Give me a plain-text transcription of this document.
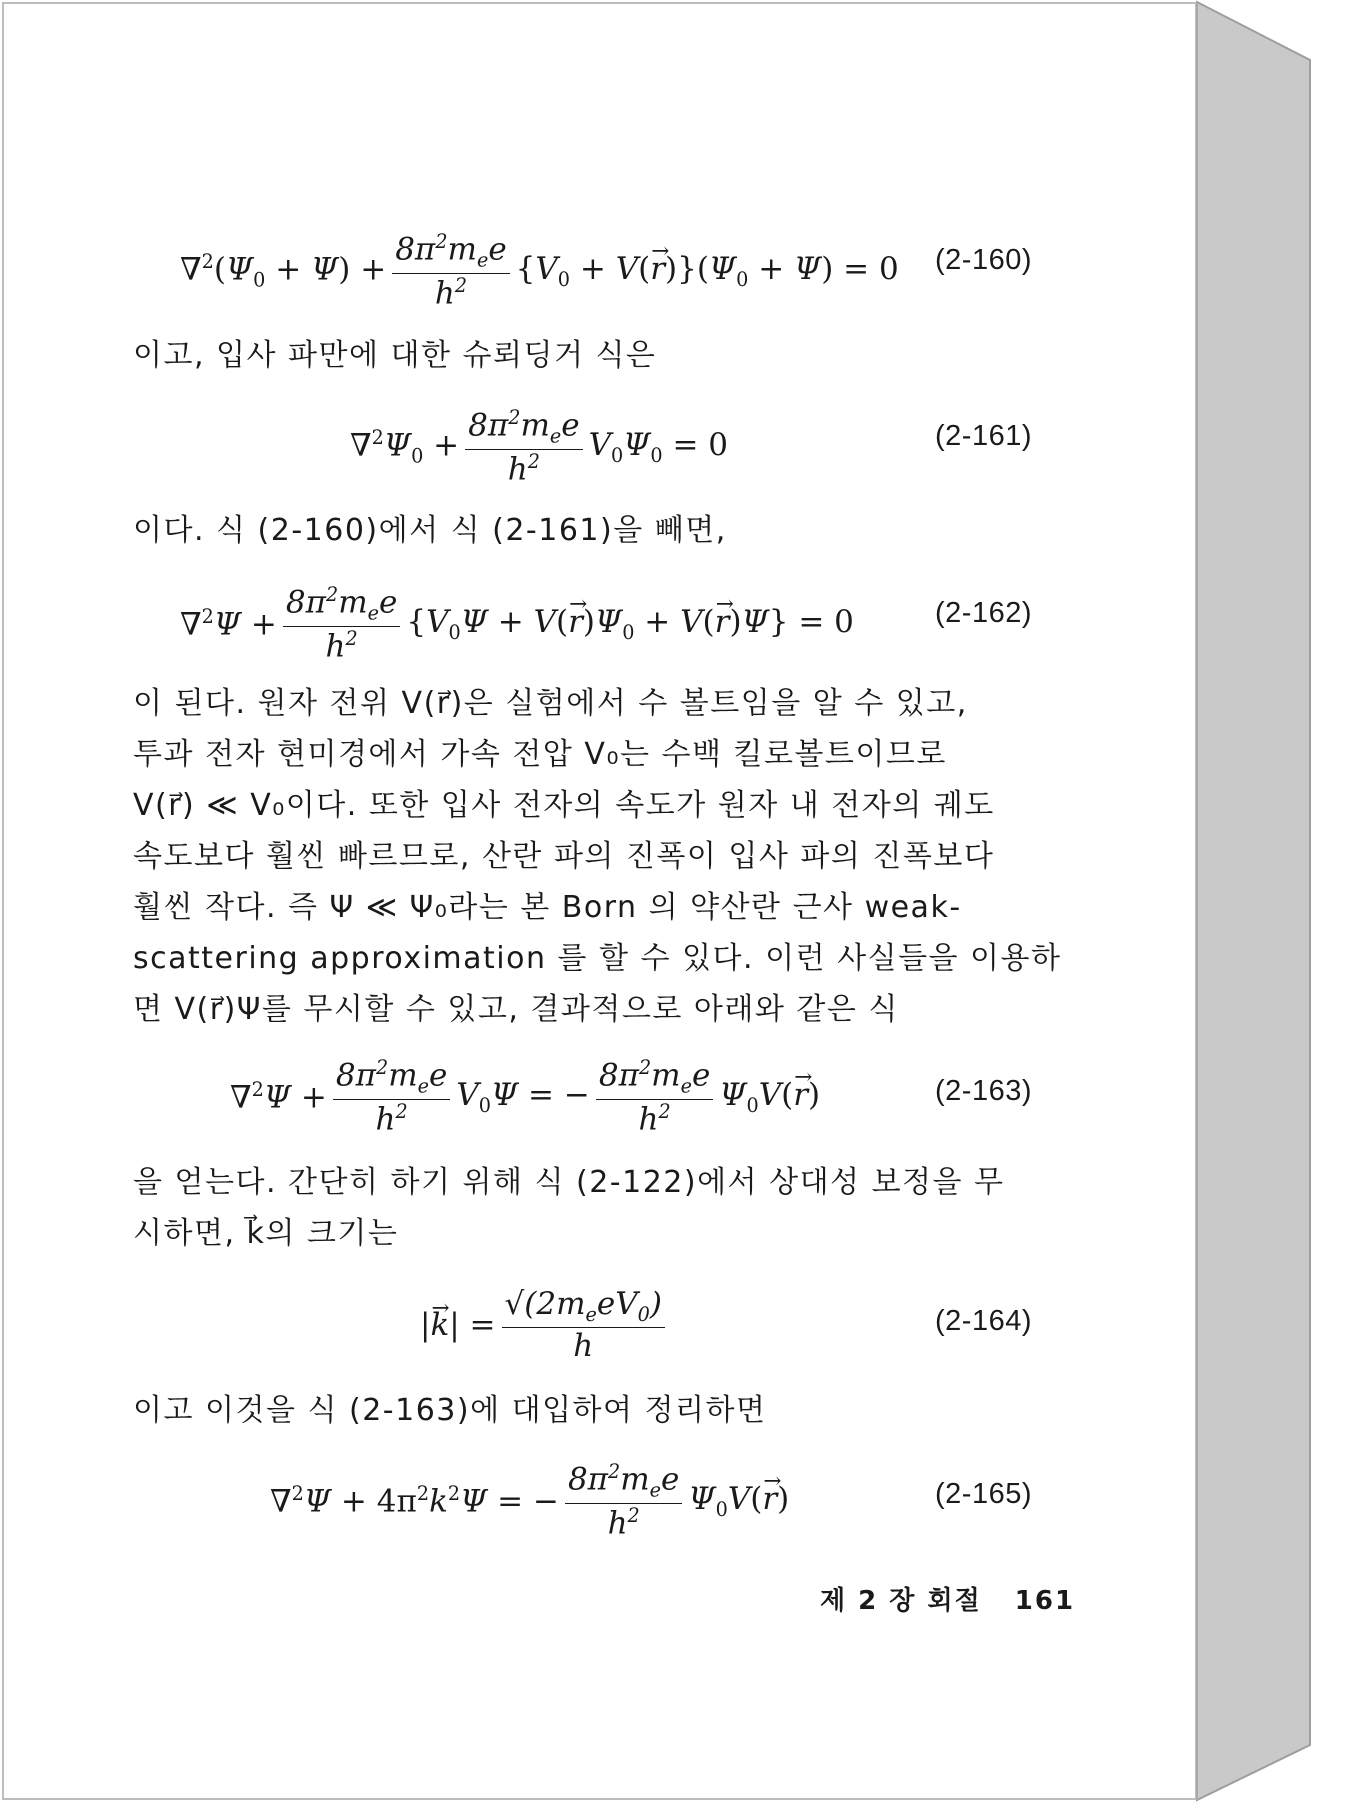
$\nabla^2(\Psi_0 + \Psi) + \frac{8\pi^2m_ee}{h^2} \{V_0 + V(\to r)\}(\Psi_0 + \Psi) = 0$ (2-160)
이고, 입사 파만에 대한 슈뢰딩거 식은
$\nabla^2\Psi_0 + \frac{8\pi^2m_ee}{h^2} V_0\Psi_0 = 0$	(2-161)
이다. 식 (2-160)에서 식 (2-161)을 빼면,
$\nabla^2\Psi + \frac{8\pi^2m_ee}{h^2} \{V_0\Psi + V(\to r)\Psi_0 + V(\to r)\Psi\} = 0$	(2-162)
이 된다. 원자 전위 V(r⃗)은 실험에서 수 볼트임을 알 수 있고,
투과 전자 현미경에서 가속 전압 V₀는 수백 킬로볼트이므로
V(r⃗) ≪ V₀이다. 또한 입사 전자의 속도가 원자 내 전자의 궤도
속도보다 훨씬 빠르므로, 산란 파의 진폭이 입사 파의 진폭보다
훨씬 작다. 즉 Ψ ≪ Ψ₀라는 본 Born 의 약산란 근사 weak-
scattering approximation 를 할 수 있다. 이런 사실들을 이용하
면 V(r⃗)Ψ를 무시할 수 있고, 결과적으로 아래와 같은 식
$\nabla^2\Psi + \frac{8\pi^2m_ee}{h^2} V_0\Psi$ = − $\frac{8\pi^2m_ee}{h^2} \Psi_0V(\to r)$	(2-163)
을 얻는다. 간단히 하기 위해 식 (2-122)에서 상대성 보정을 무
시하면, k⃗의 크기는
|→ $k| = \frac{√(2m_eeV_0)}{h}$	(2-164)
이고 이것을 식 (2-163)에 대입하여 정리하면
$\nabla^2\Psi + 4\pi^2k^2\Psi$ = − $\frac{8\pi^2m_ee}{h^2} \Psi_0V(\to r)$	(2-165)
제 2 장 회절 161
